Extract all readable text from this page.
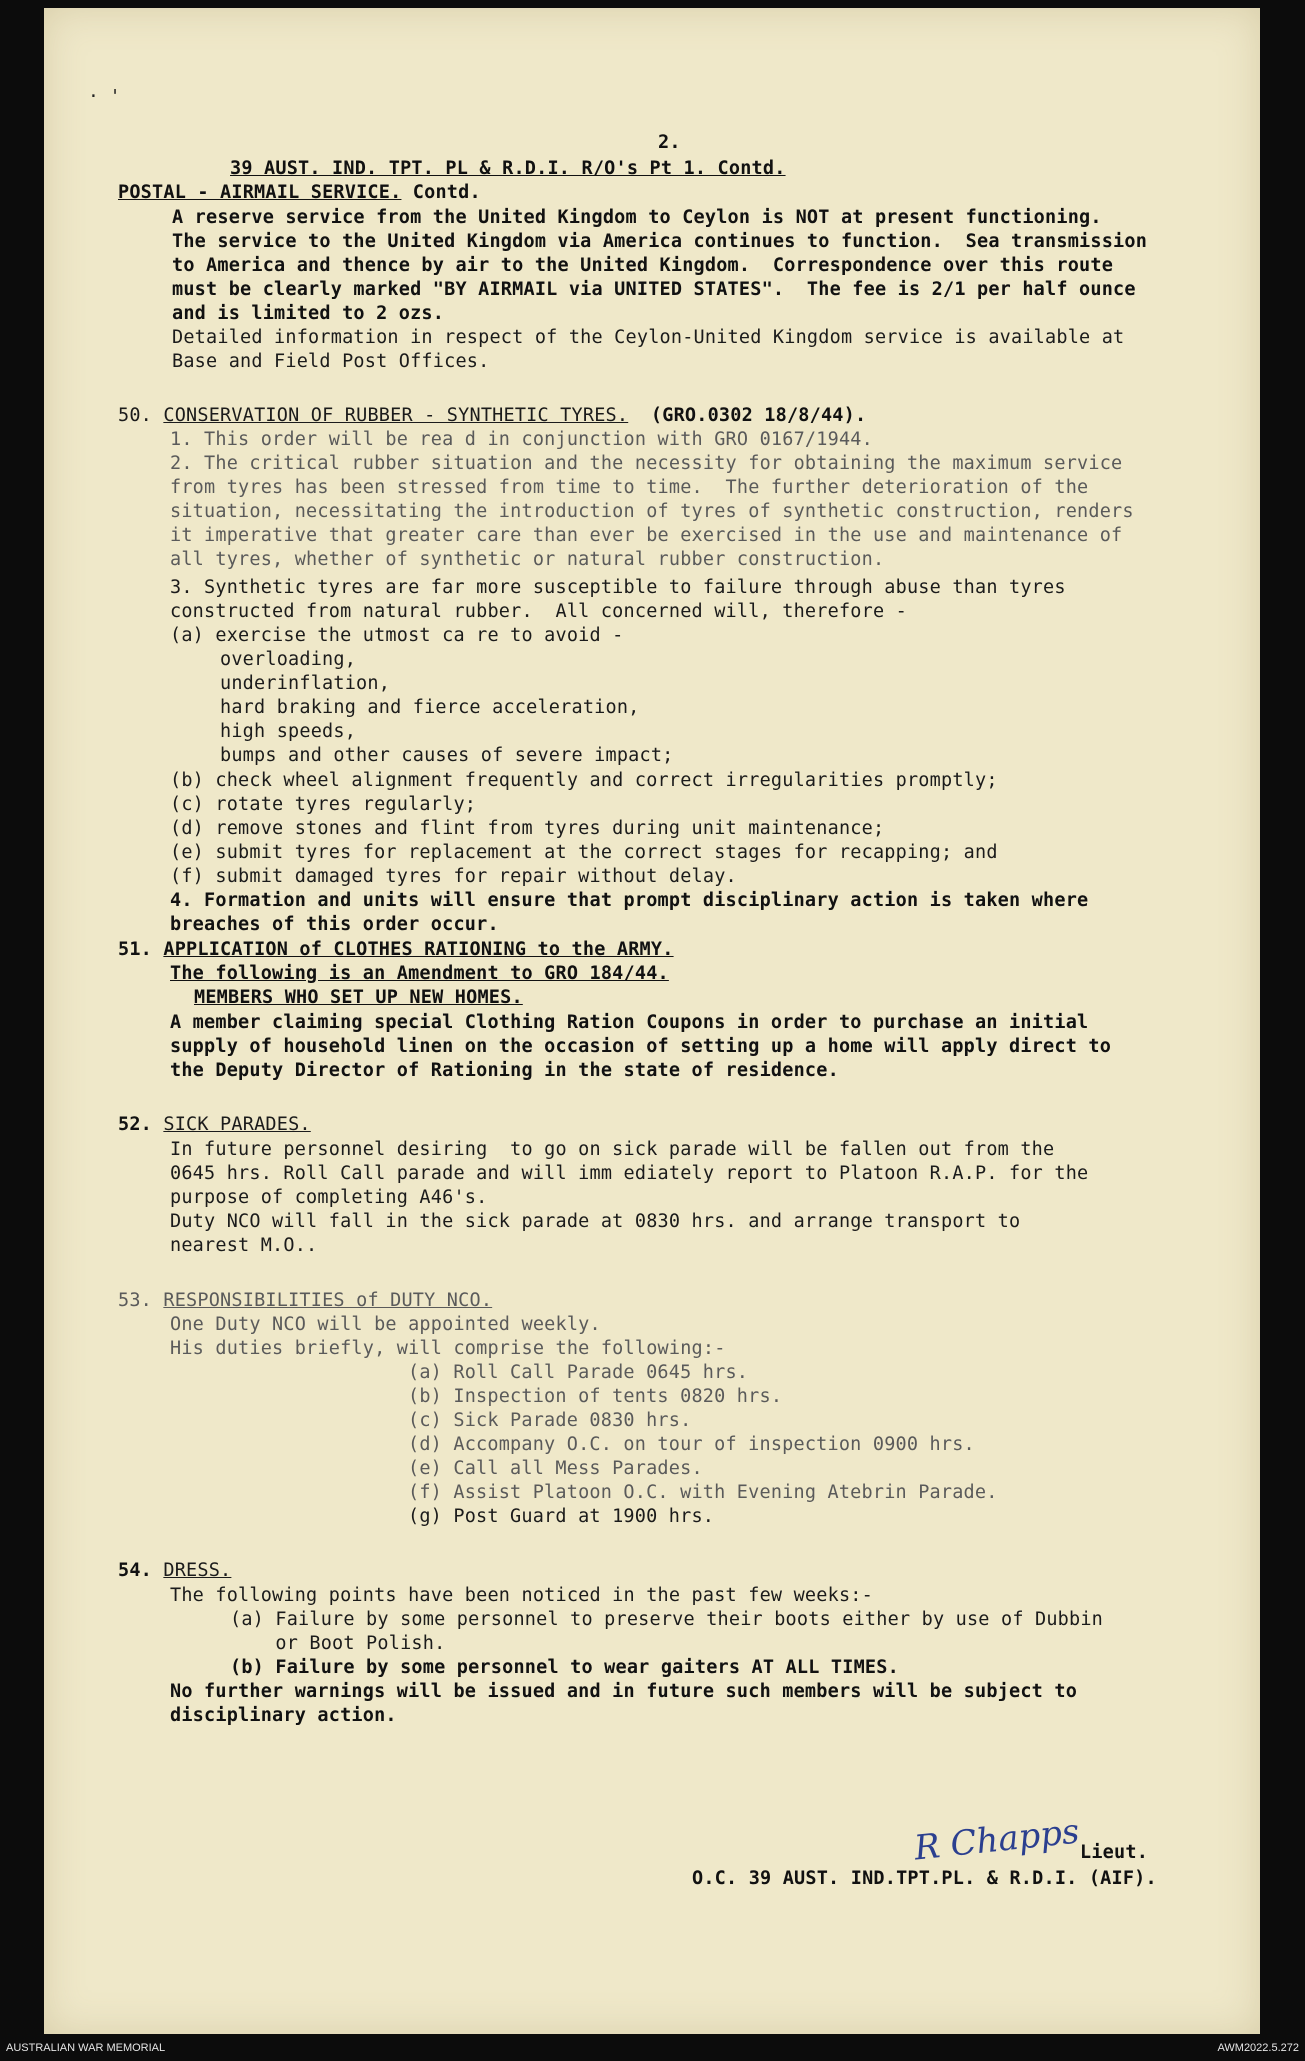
· '
2.
39 AUST. IND. TPT. PL & R.D.I. R/O's Pt 1. Contd.
POSTAL - AIRMAIL SERVICE. Contd.
A reserve service from the United Kingdom to Ceylon is NOT at present functioning.
The service to the United Kingdom via America continues to function.  Sea transmission
to America and thence by air to the United Kingdom.  Correspondence over this route
must be clearly marked "BY AIRMAIL via UNITED STATES".  The fee is 2/1 per half ounce
and is limited to 2 ozs.
Detailed information in respect of the Ceylon-United Kingdom service is available at
Base and Field Post Offices.
50. CONSERVATION OF RUBBER - SYNTHETIC TYRES.  (GRO.0302 18/8/44).
1. This order will be rea d in conjunction with GRO 0167/1944.
2. The critical rubber situation and the necessity for obtaining the maximum service
from tyres has been stressed from time to time.  The further deterioration of the
situation, necessitating the introduction of tyres of synthetic construction, renders
it imperative that greater care than ever be exercised in the use and maintenance of
all tyres, whether of synthetic or natural rubber construction.
3. Synthetic tyres are far more susceptible to failure through abuse than tyres
constructed from natural rubber.  All concerned will, therefore -
(a) exercise the utmost ca re to avoid -
overloading,
underinflation,
hard braking and fierce acceleration,
high speeds,
bumps and other causes of severe impact;
(b) check wheel alignment frequently and correct irregularities promptly;
(c) rotate tyres regularly;
(d) remove stones and flint from tyres during unit maintenance;
(e) submit tyres for replacement at the correct stages for recapping; and
(f) submit damaged tyres for repair without delay.
4. Formation and units will ensure that prompt disciplinary action is taken where
breaches of this order occur.
51. APPLICATION of CLOTHES RATIONING to the ARMY.
The following is an Amendment to GRO 184/44.
MEMBERS WHO SET UP NEW HOMES.
A member claiming special Clothing Ration Coupons in order to purchase an initial
supply of household linen on the occasion of setting up a home will apply direct to
the Deputy Director of Rationing in the state of residence.
52. SICK PARADES.
In future personnel desiring  to go on sick parade will be fallen out from the
0645 hrs. Roll Call parade and will imm ediately report to Platoon R.A.P. for the
purpose of completing A46's.
Duty NCO will fall in the sick parade at 0830 hrs. and arrange transport to
nearest M.O..
53. RESPONSIBILITIES of DUTY NCO.
One Duty NCO will be appointed weekly.
His duties briefly, will comprise the following:-
(a) Roll Call Parade 0645 hrs.
(b) Inspection of tents 0820 hrs.
(c) Sick Parade 0830 hrs.
(d) Accompany O.C. on tour of inspection 0900 hrs.
(e) Call all Mess Parades.
(f) Assist Platoon O.C. with Evening Atebrin Parade.
(g) Post Guard at 1900 hrs.
54. DRESS.
The following points have been noticed in the past few weeks:-
(a) Failure by some personnel to preserve their boots either by use of Dubbin
or Boot Polish.
(b) Failure by some personnel to wear gaiters AT ALL TIMES.
No further warnings will be issued and in future such members will be subject to
disciplinary action.
R Chapps
Lieut.
O.C. 39 AUST. IND.TPT.PL. & R.D.I. (AIF).
AUSTRALIAN WAR MEMORIAL	AWM2022.5.272
